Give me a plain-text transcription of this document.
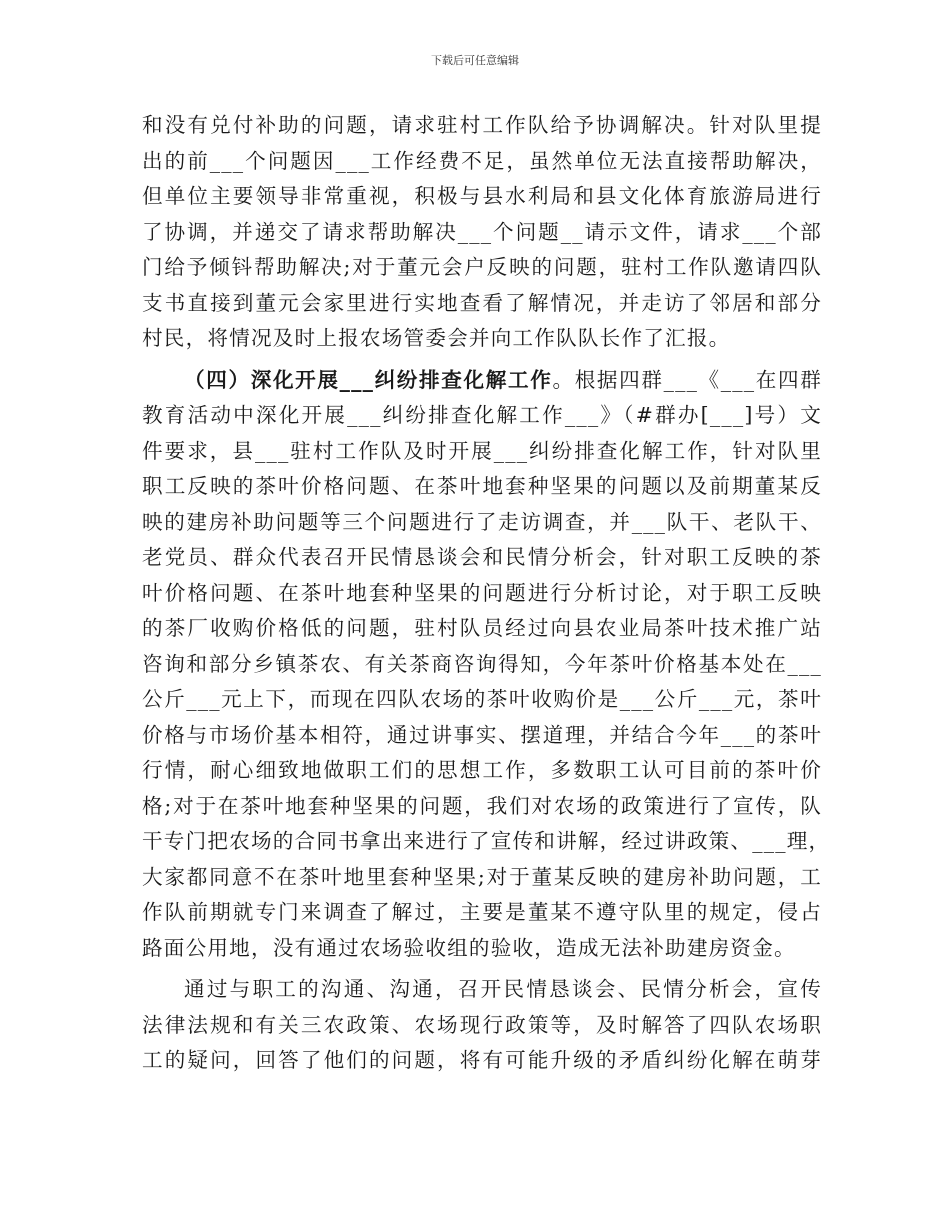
下载后可任意编辑
和没有兑付补助的问题，请求驻村工作队给予协调解决。针对队里提
出的前___个问题因___工作经费不足，虽然单位无法直接帮助解决，
但单位主要领导非常重视，积极与县水利局和县文化体育旅游局进行
了协调，并递交了请求帮助解决___个问题__请示文件，请求___个部
门给予倾钭帮助解决;对于董元会户反映的问题，驻村工作队邀请四队
支书直接到董元会家里进行实地查看了解情况，并走访了邻居和部分
村民，将情况及时上报农场管委会并向工作队队长作了汇报。
（四）深化开展___纠纷排查化解工作。根据四群___《___在四群
教育活动中深化开展___纠纷排查化解工作___》（#群办[___]号）文
件要求，县___驻村工作队及时开展___纠纷排查化解工作，针对队里
职工反映的茶叶价格问题、在茶叶地套种坚果的问题以及前期董某反
映的建房补助问题等三个问题进行了走访调查，并___队干、老队干、
老党员、群众代表召开民情恳谈会和民情分析会，针对职工反映的茶
叶价格问题、在茶叶地套种坚果的问题进行分析讨论，对于职工反映
的茶厂收购价格低的问题，驻村队员经过向县农业局茶叶技术推广站
咨询和部分乡镇茶农、有关茶商咨询得知，今年茶叶价格基本处在___
公斤___元上下，而现在四队农场的茶叶收购价是___公斤___元，茶叶
价格与市场价基本相符，通过讲事实、摆道理，并结合今年___的茶叶
行情，耐心细致地做职工们的思想工作，多数职工认可目前的茶叶价
格;对于在茶叶地套种坚果的问题，我们对农场的政策进行了宣传，队
干专门把农场的合同书拿出来进行了宣传和讲解，经过讲政策、___理，
大家都同意不在茶叶地里套种坚果;对于董某反映的建房补助问题，工
作队前期就专门来调查了解过，主要是董某不遵守队里的规定，侵占
路面公用地，没有通过农场验收组的验收，造成无法补助建房资金。
通过与职工的沟通、沟通，召开民情恳谈会、民情分析会，宣传
法律法规和有关三农政策、农场现行政策等，及时解答了四队农场职
工的疑问，回答了他们的问题，将有可能升级的矛盾纠纷化解在萌芽
